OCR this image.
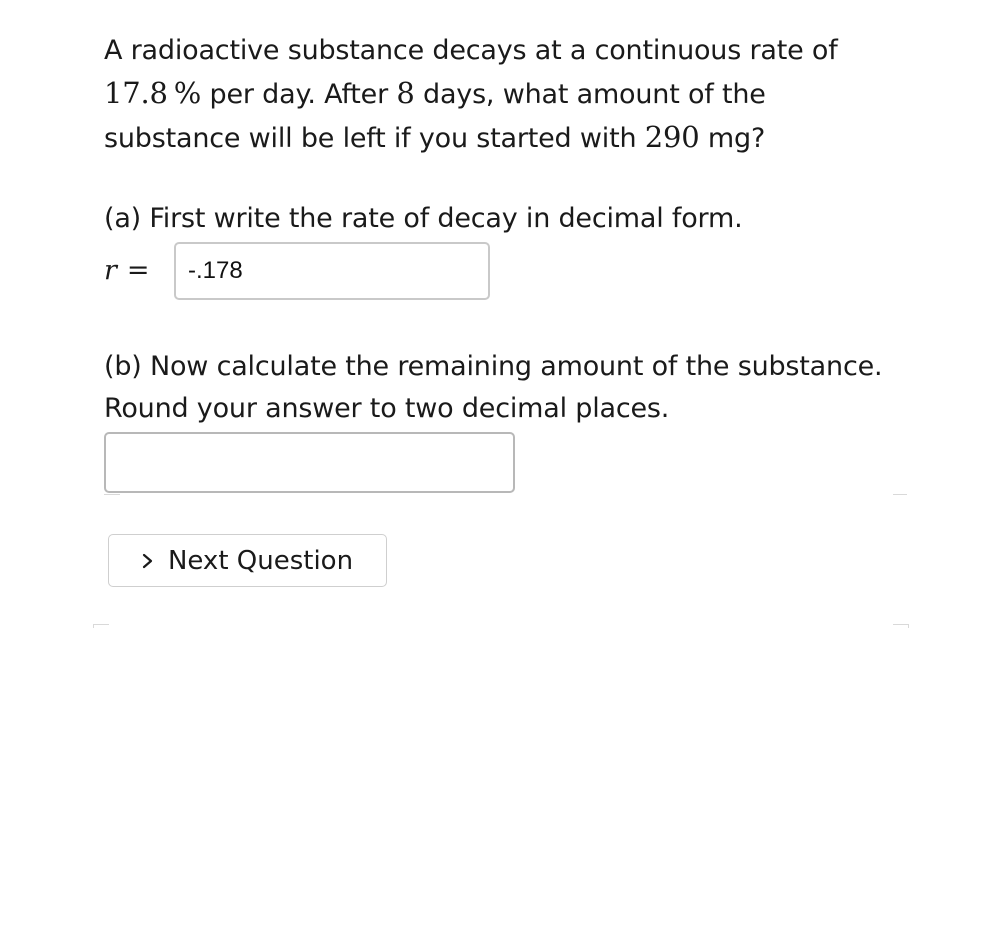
A radioactive substance decays at a continuous rate of
17.8 % per day. After 8 days, what amount of the
substance will be left if you started with 290 mg?
(a) First write the rate of decay in decimal form.
r =
-.178
(b) Now calculate the remaining amount of the substance. Round your answer to two decimal places.
Next Question
